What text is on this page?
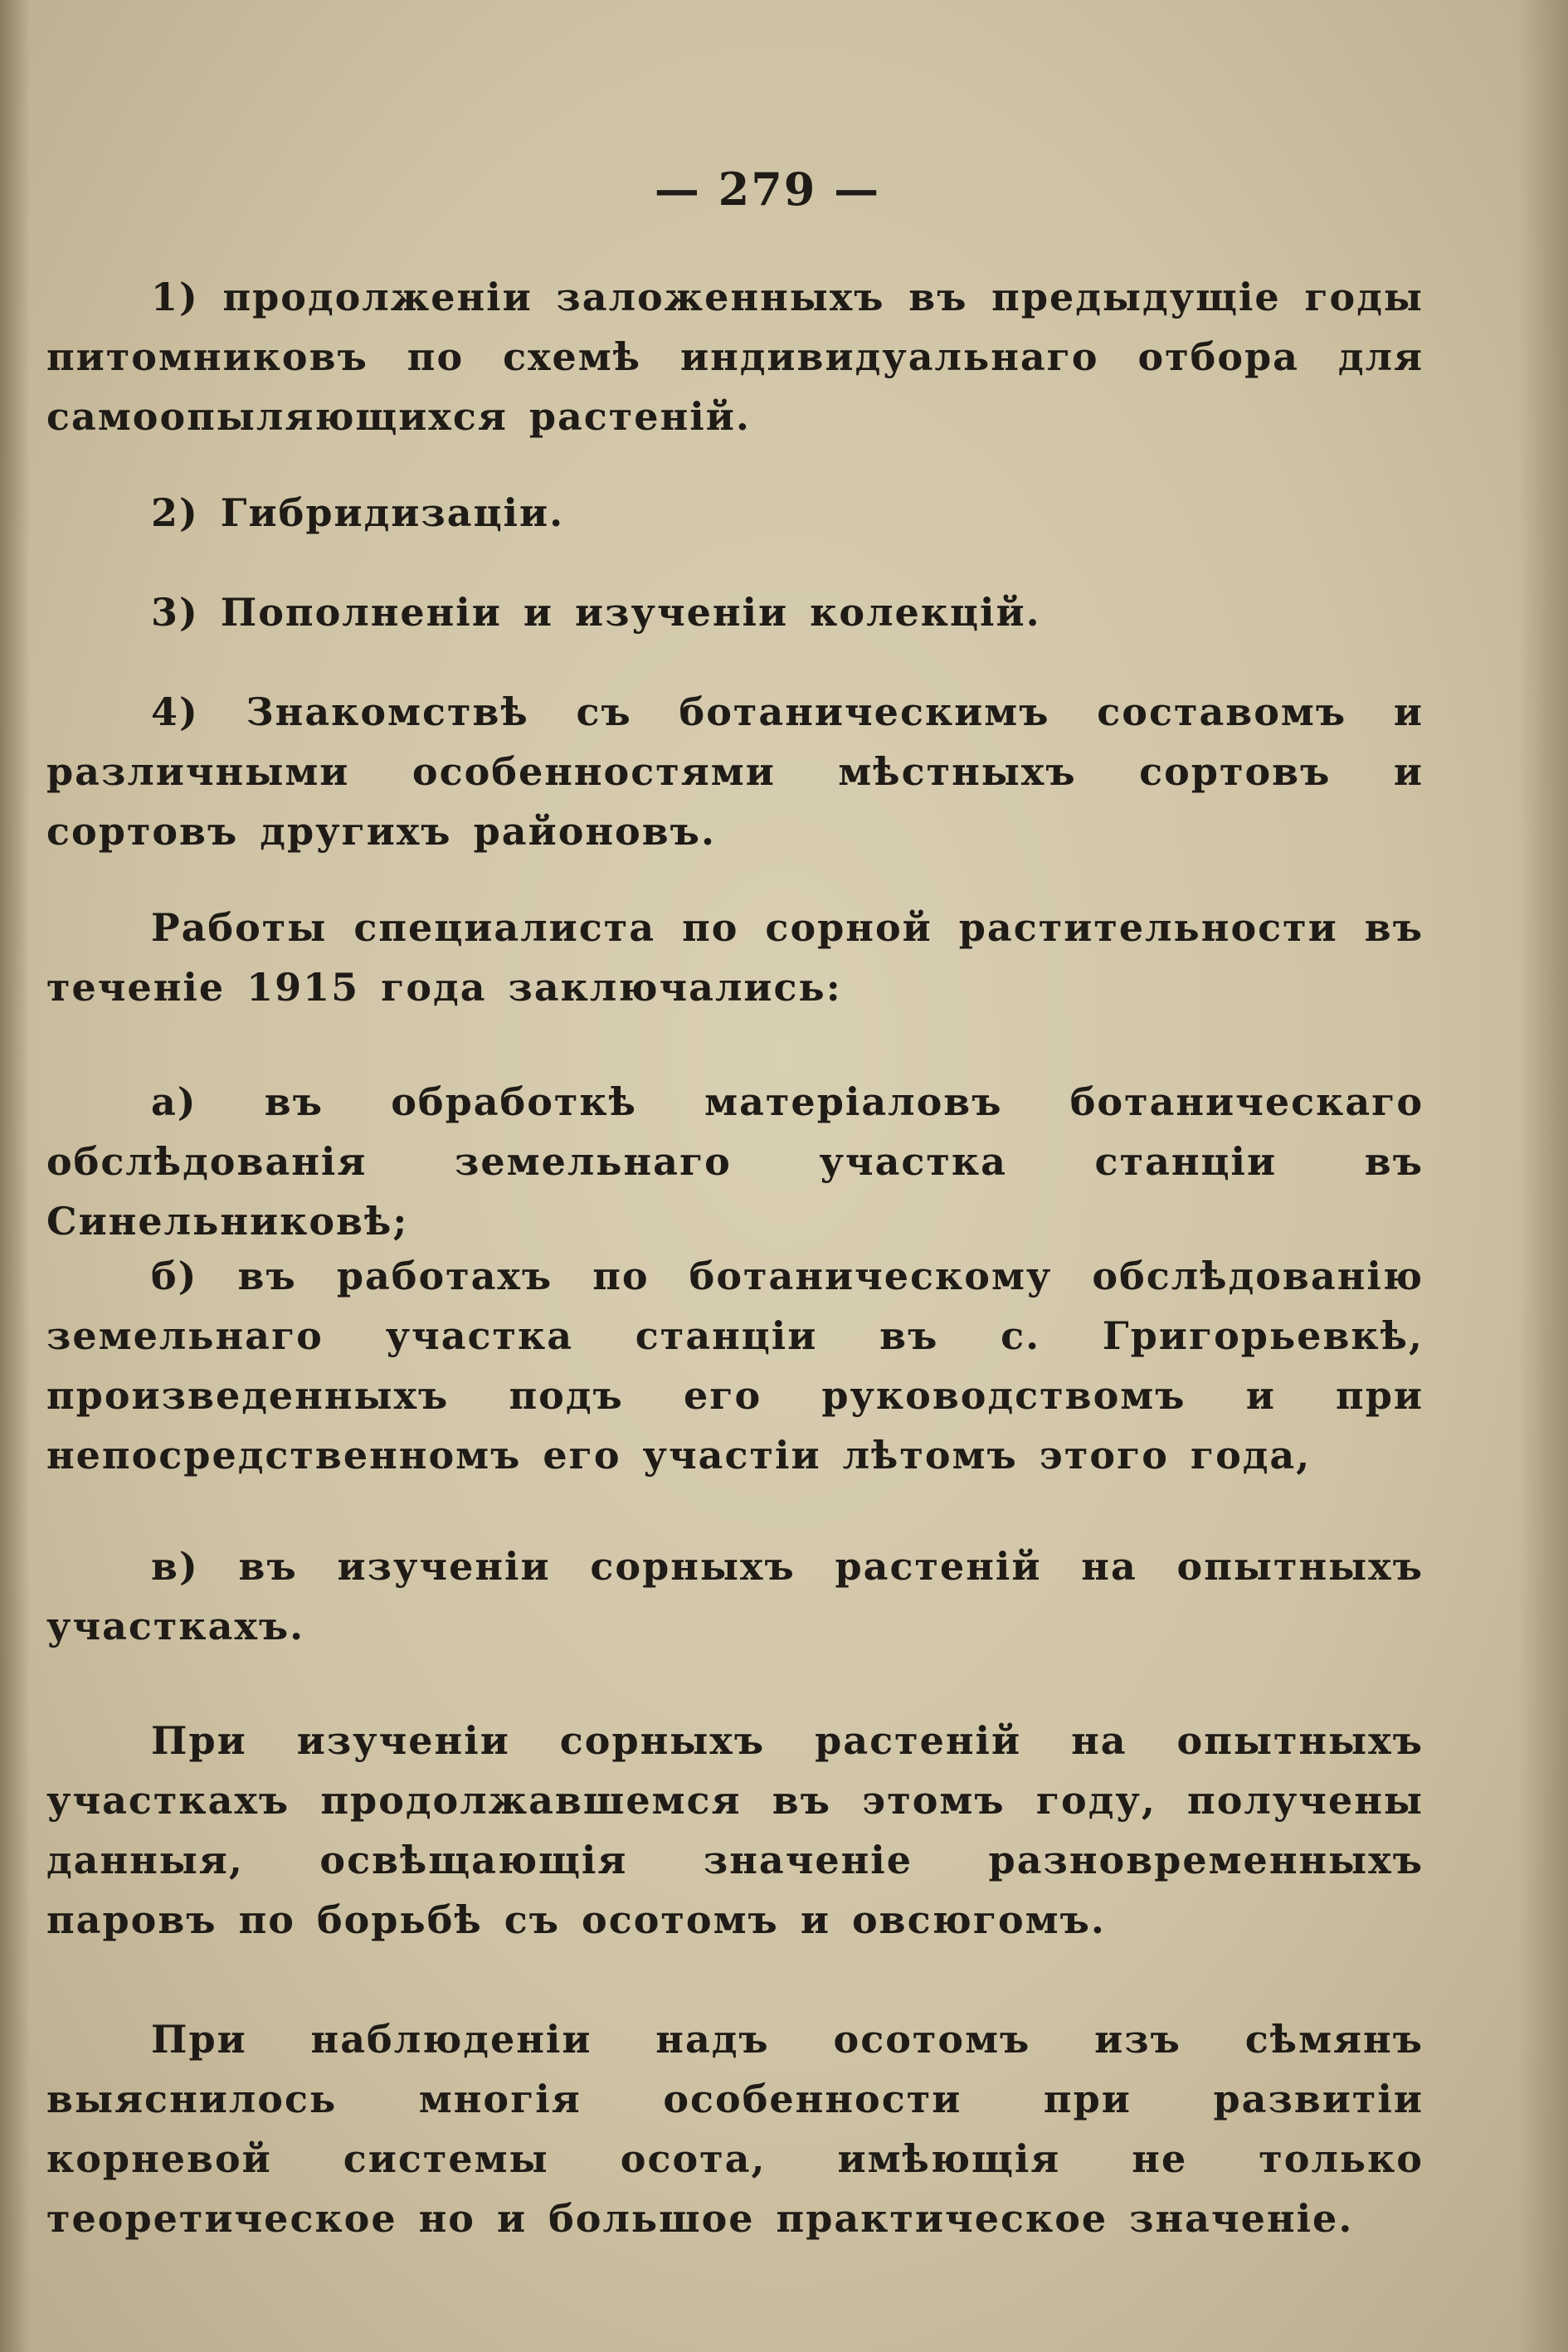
— 279 —

1) продолженiи заложенныхъ въ предыдущiе годы питомниковъ по схемѣ индивидуальнаго отбора для самоопыляющихся растенiй.

2) Гибридизацiи.

3) Пополненiи и изученiи колекцiй.

4) Знакомствѣ съ ботаническимъ составомъ и различными особенностями мѣстныхъ сортовъ и сортовъ другихъ районовъ.

Работы специалиста по сорной растительности въ теченiе 1915 года заключались:

а) въ обработкѣ матерiаловъ ботаническаго обслѣдованiя земельнаго участка станцiи въ Синельниковѣ;

б) въ работахъ по ботаническому обслѣдованiю земельнаго участка станцiи въ с. Григорьевкѣ, произведенныхъ подъ его руководствомъ и при непосредственномъ его участiи лѣтомъ этого года,

в) въ изученiи сорныхъ растенiй на опытныхъ участкахъ.

При изученiи сорныхъ растенiй на опытныхъ участкахъ продолжавшемся въ этомъ году, получены данныя, освѣщающiя значенiе разновременныхъ паровъ по борьбѣ съ осотомъ и овсюгомъ.

При наблюденiи надъ осотомъ изъ сѣмянъ выяснилось многiя особенности при развитiи корневой системы осота, имѣющiя не только теоретическое но и большое практическое значенiе.
